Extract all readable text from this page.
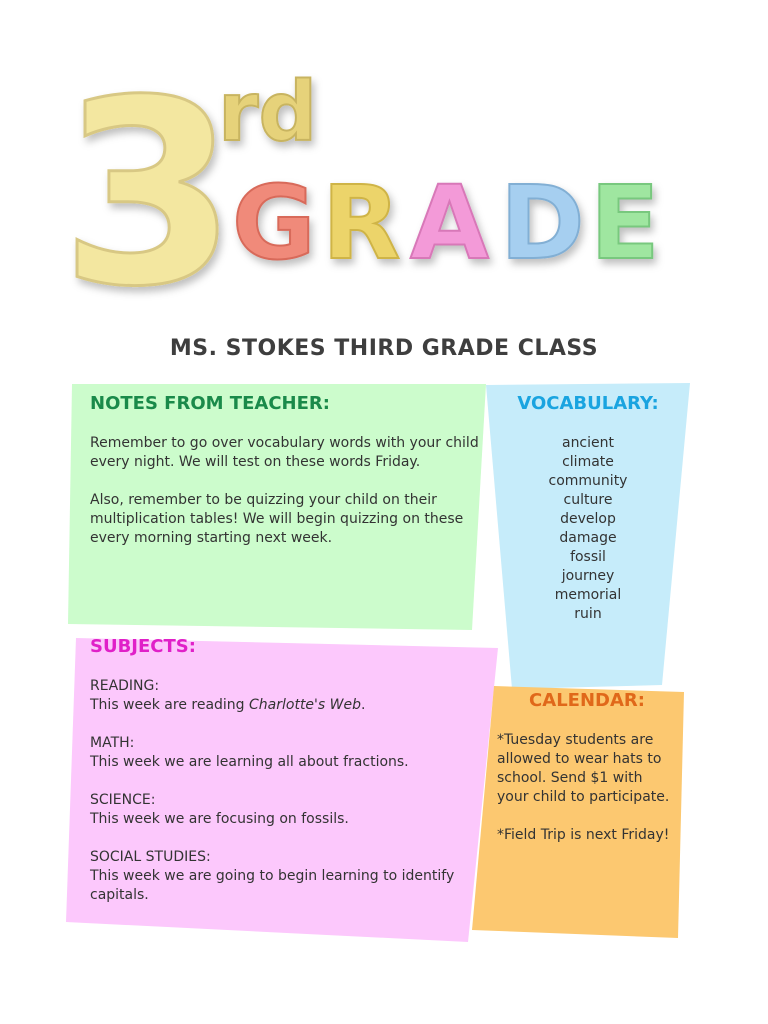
3
rd
G R A D E
MS. STOKES THIRD GRADE CLASS
NOTES FROM TEACHER:

Remember to go over vocabulary words with your child every night. We will test on these words Friday.

Also, remember to be quizzing your child on their multiplication tables! We will begin quizzing on these every morning starting next week.

VOCABULARY:
ancient
climate
community
culture
develop
damage
fossil
journey
memorial
ruin
SUBJECTS:
READING:
This week are reading Charlotte's Web.
MATH:
This week we are learning all about fractions.
SCIENCE:
This week we are focusing on fossils.
SOCIAL STUDIES:
This week we are going to begin learning to identify capitals.
CALENDAR:

*Tuesday students are allowed to wear hats to school. Send $1 with your child to participate.

*Field Trip is next Friday!
